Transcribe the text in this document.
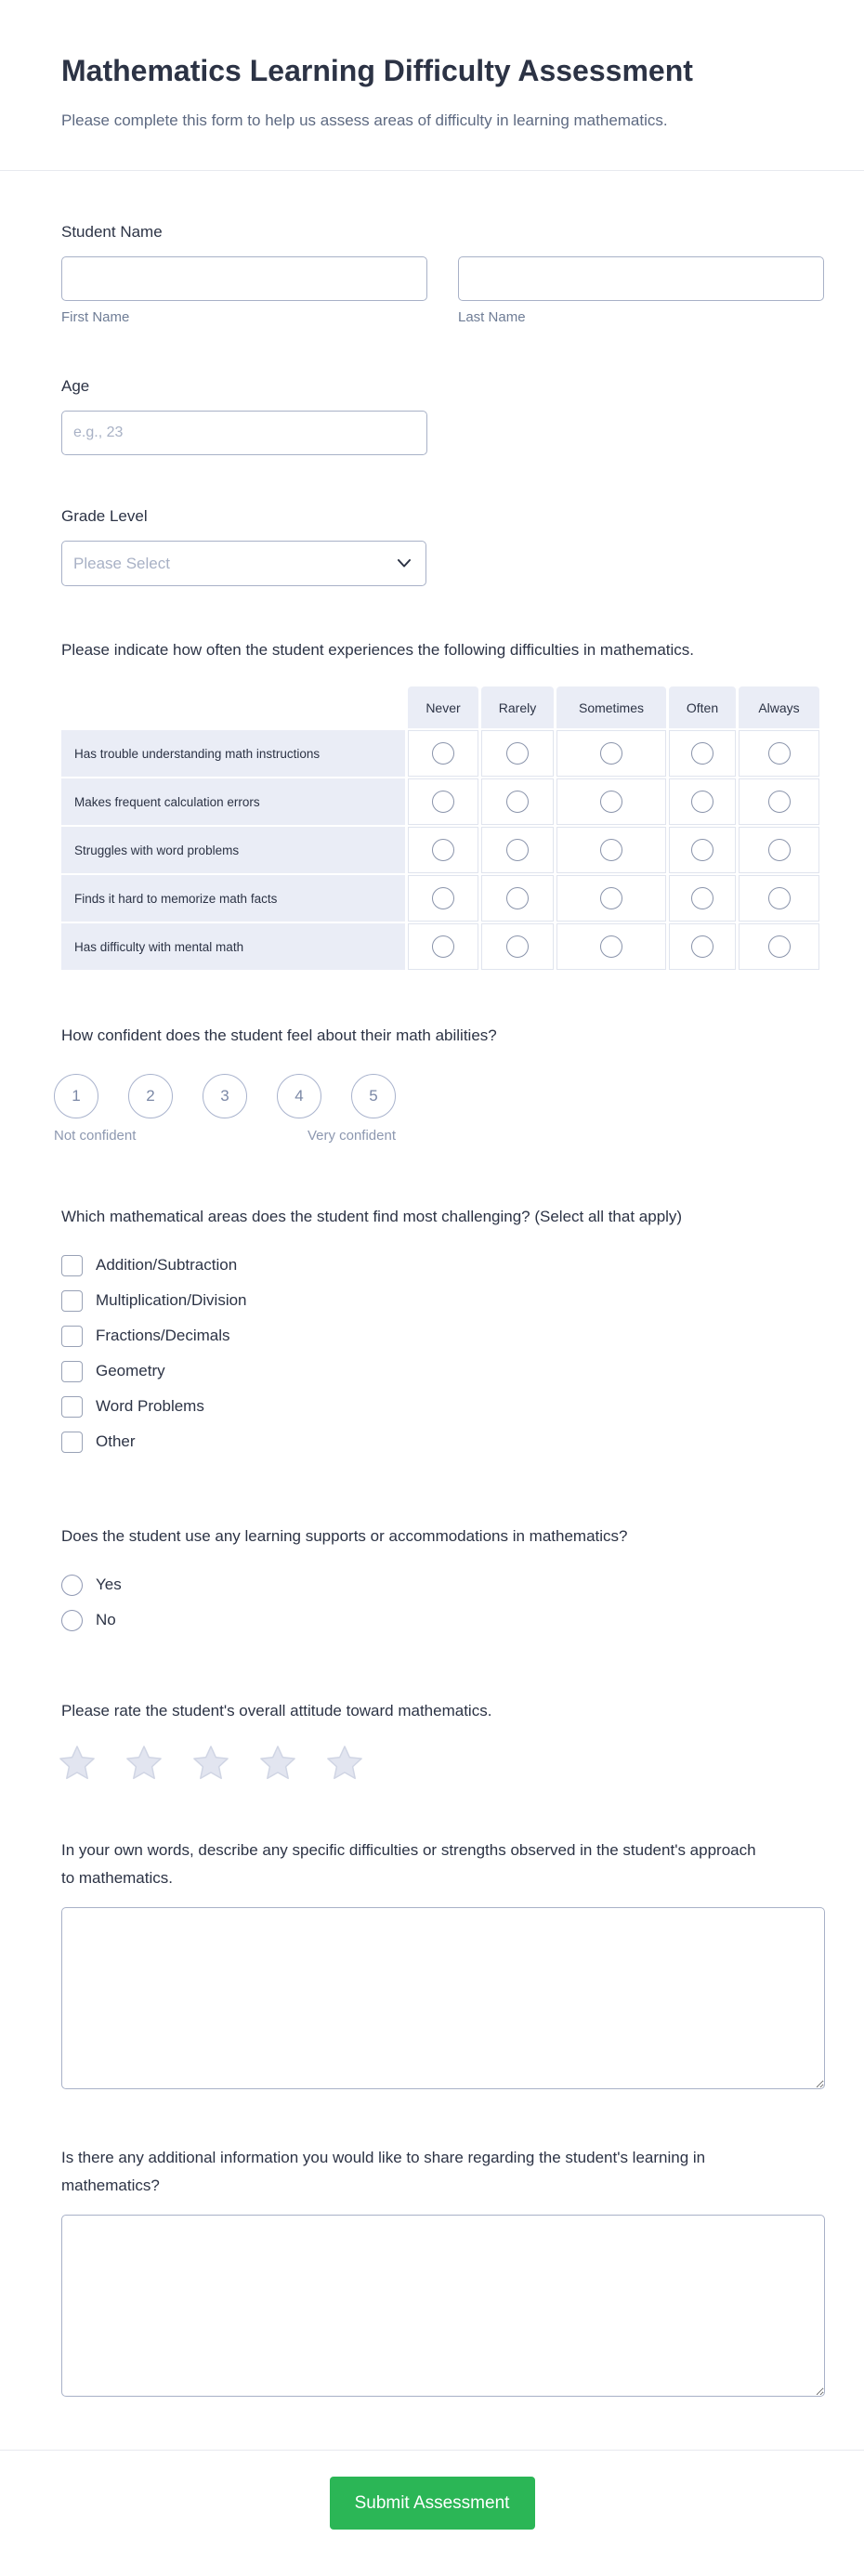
Mathematics Learning Difficulty Assessment

Please complete this form to help us assess areas of difficulty in learning mathematics.

Student Name
First Name	Last Name
Age
e.g., 23
Grade Level
Please Select

Please indicate how often the student experiences the following difficulties in mathematics.

	Never	Rarely	Sometimes	Often	Always
Has trouble understanding math instructions					
Makes frequent calculation errors					
Struggles with word problems					
Finds it hard to memorize math facts					
Has difficulty with mental math					

How confident does the student feel about their math abilities?

1	2	3	4	5
Not confident	Very confident

Which mathematical areas does the student find most challenging? (Select all that apply)

Addition/Subtraction
Multiplication/Division
Fractions/Decimals
Geometry
Word Problems
Other

Does the student use any learning supports or accommodations in mathematics?

Yes
No

Please rate the student's overall attitude toward mathematics.

In your own words, describe any specific difficulties or strengths observed in the student's approach to mathematics.

Is there any additional information you would like to share regarding the student's learning in mathematics?

Submit Assessment
